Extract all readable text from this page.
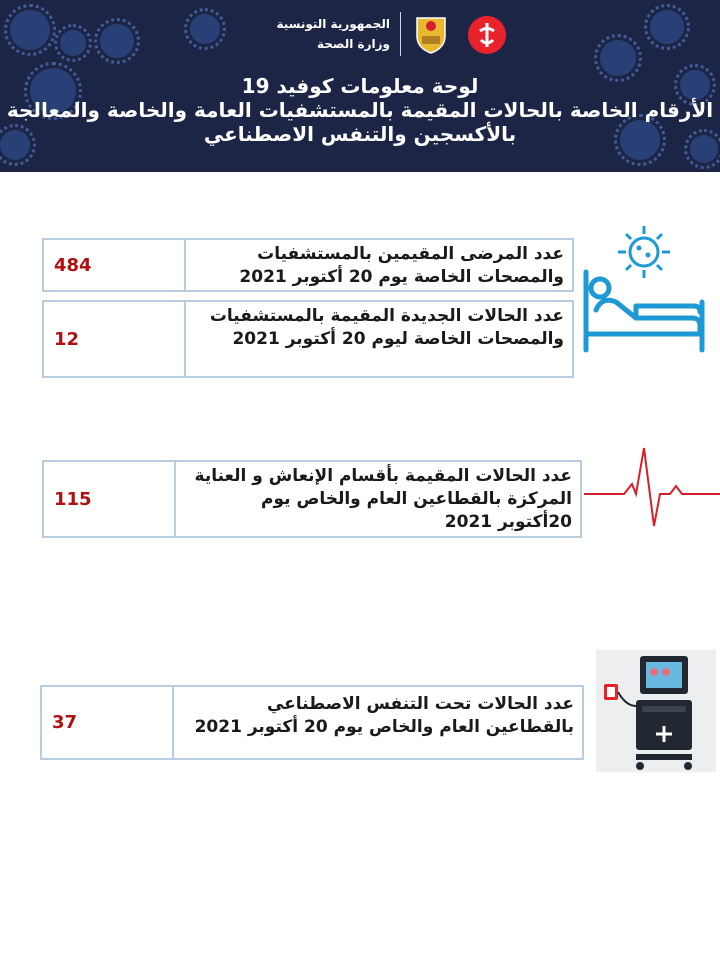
الجمهورية التونسية
وزارة الصحة
لوحة معلومات كوفيد 19
الأرقام الخاصة بالحالات المقيمة بالمستشفيات العامة والخاصة والمعالجة
بالأكسجين والتنفس الاصطناعي
484
عدد المرضى المقيمين بالمستشفيات والمصحات الخاصة يوم 20 أكتوبر 2021
12
عدد الحالات الجديدة المقيمة بالمستشفيات والمصحات الخاصة ليوم 20 أكتوبر 2021
115
عدد الحالات المقيمة بأقسام الإنعاش و العناية المركزة بالقطاعين العام والخاص يوم 20أكتوبر 2021
37
عدد الحالات تحت التنفس الاصطناعي بالقطاعين العام والخاص يوم 20 أكتوبر 2021
